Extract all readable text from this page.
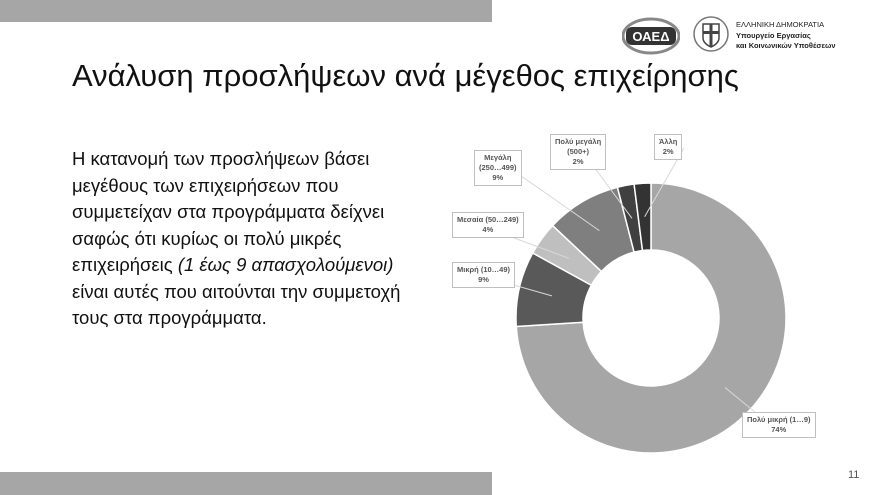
ΟΑΕΔ
ΕΛΛΗΝΙΚΗ ΔΗΜΟΚΡΑΤΙΑ
Υπουργείο Εργασίας
και Κοινωνικών Υποθέσεων
Ανάλυση προσλήψεων ανά μέγεθος επιχείρησης
Η κατανομή των προσλήψεων βάσει μεγέθους των επιχειρήσεων που συμμετείχαν στα προγράμματα δείχνει σαφώς ότι κυρίως οι πολύ μικρές επιχειρήσεις (1 έως 9 απασχολούμενοι) είναι αυτές που αιτούνται την συμμετοχή τους στα προγράμματα.
Πολύ μικρή (1…9)
74%
Μικρή (10…49)
9%
Μεσαία (50…249)
4%
Μεγάλη
(250…499)
9%
Πολύ μεγάλη
(500+)
2%
Άλλη
2%
11
